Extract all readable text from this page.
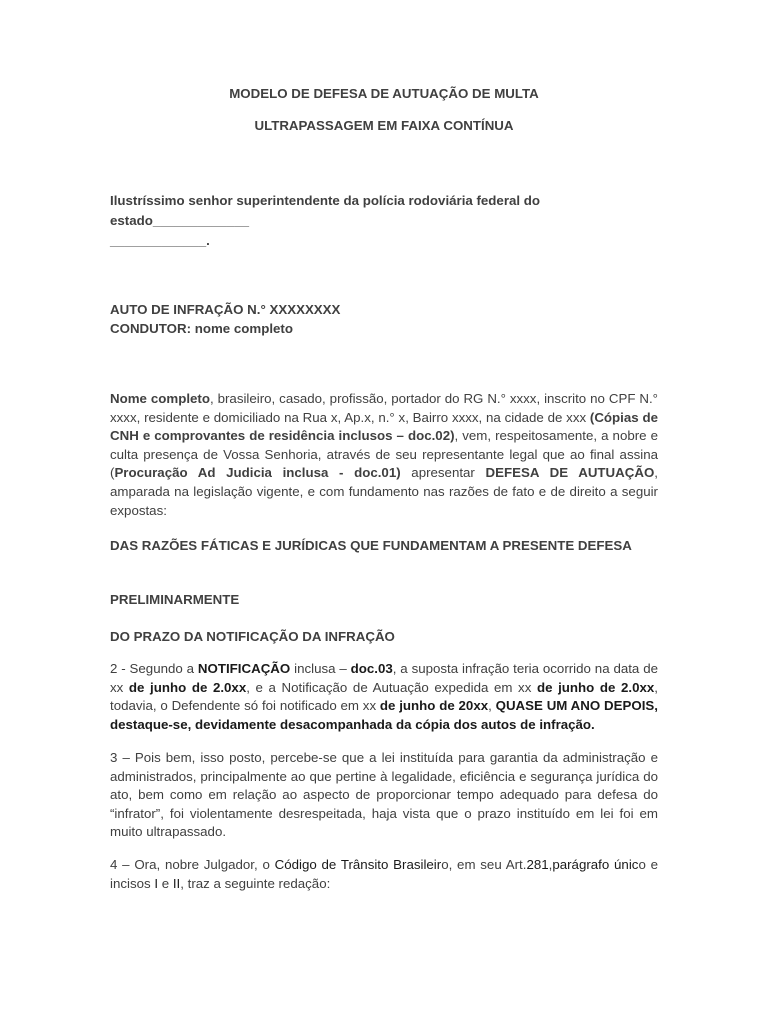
MODELO DE DEFESA DE AUTUAÇÃO DE MULTA
ULTRAPASSAGEM EM FAIXA CONTÍNUA

Ilustríssimo senhor superintendente da polícia rodoviária federal do estado_____________

_____________.

AUTO DE INFRAÇÃO N.° XXXXXXXX

CONDUTOR: nome completo

Nome completo, brasileiro, casado, profissão, portador do RG N.° xxxx, inscrito no CPF N.° xxxx, residente e domiciliado na Rua x, Ap.x, n.° x, Bairro xxxx, na cidade de xxx (Cópias de CNH e comprovantes de residência inclusos – doc.02), vem, respeitosamente, a nobre e culta presença de Vossa Senhoria, através de seu representante legal que ao final assina (Procuração Ad Judicia inclusa - doc.01) apresentar DEFESA DE AUTUAÇÃO, amparada na legislação vigente, e com fundamento nas razões de fato e de direito a seguir expostas:

DAS RAZÕES FÁTICAS E JURÍDICAS QUE FUNDAMENTAM A PRESENTE DEFESA
PRELIMINARMENTE
DO PRAZO DA NOTIFICAÇÃO DA INFRAÇÃO

2 - Segundo a NOTIFICAÇÃO inclusa – doc.03, a suposta infração teria ocorrido na data de xx de junho de 2.0xx, e a Notificação de Autuação expedida em xx de junho de 2.0xx, todavia, o Defendente só foi notificado em xx de junho de 20xx, QUASE UM ANO DEPOIS, destaque-se, devidamente desacompanhada da cópia dos autos de infração.

3 – Pois bem, isso posto, percebe-se que a lei instituída para garantia da administração e administrados, principalmente ao que pertine à legalidade, eficiência e segurança jurídica do ato, bem como em relação ao aspecto de proporcionar tempo adequado para defesa do “infrator”, foi violentamente desrespeitada, haja vista que o prazo instituído em lei foi em muito ultrapassado.

4 – Ora, nobre Julgador, o Código de Trânsito Brasileiro, em seu Art.281,parágrafo único e incisos I e II, traz a seguinte redação:
